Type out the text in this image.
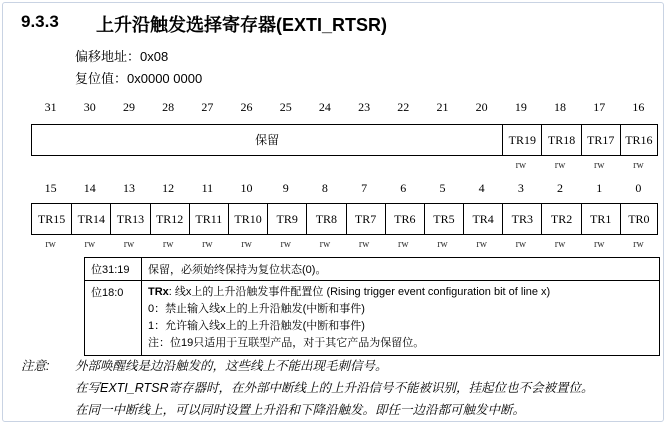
9.3.3 上升沿触发选择寄存器(EXTI_RTSR)
偏移地址：0x08
复位值：0x0000 0000
31	30	29	28	27	26	25	24	23	22	21	20	19	18	17	16
保留	TR19 TR18 TR17 TR16
rw	rw	rw	rw
15	14	13	12	11	10	9	8	7	6	5	4	3	2	1	0
TR15	TR14 TR13 TR12	TR11	TR10	TR9	TR8	TR7	TR6	TR5	TR4	TR3	TR2	TR1	TR0
rw	rw	rw	rw	rw	rw	rw	rw	rw	rw	rw	rw	rw	rw	rw	rw
位31:19	保留，必须始终保持为复位状态(0)。
位18:0	TRx: 线x上的上升沿触发事件配置位 (Rising trigger event configuration bit of line x)
0：禁止输入线x上的上升沿触发(中断和事件)
1：允许输入线x上的上升沿触发(中断和事件)
注：位19只适用于互联型产品，对于其它产品为保留位。
注意: 外部唤醒线是边沿触发的，这些线上不能出现毛刺信号。
在写EXTI_RTSR寄存器时，在外部中断线上的上升沿信号不能被识别，挂起位也不会被置位。
在同一中断线上，可以同时设置上升沿和下降沿触发。即任一边沿都可触发中断。
